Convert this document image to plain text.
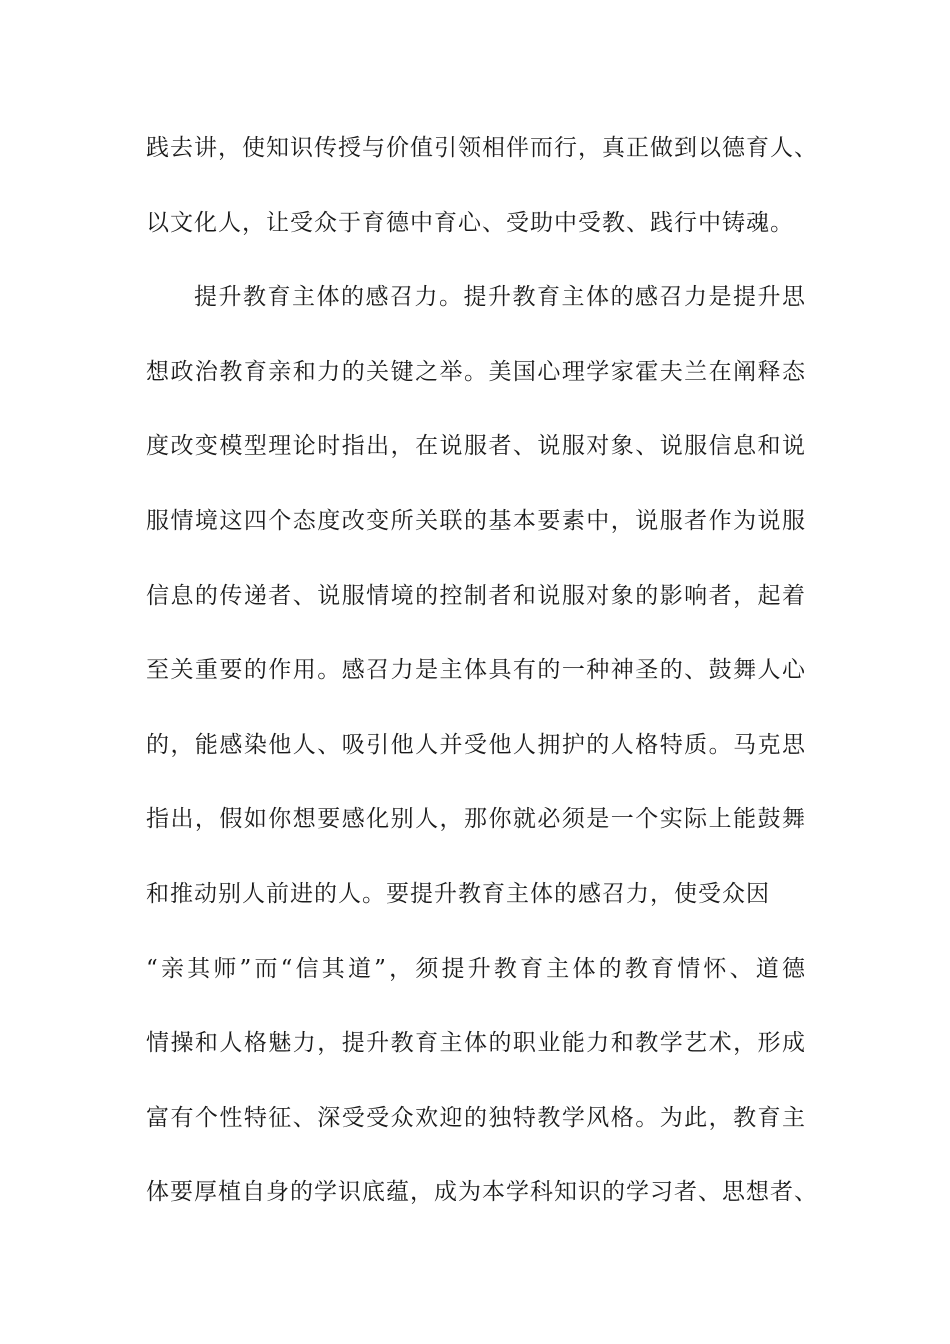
践去讲，使知识传授与价值引领相伴而行，真正做到以德育人、
以文化人，让受众于育德中育心、受助中受教、践行中铸魂。
提升教育主体的感召力。提升教育主体的感召力是提升思
想政治教育亲和力的关键之举。美国心理学家霍夫兰在阐释态
度改变模型理论时指出，在说服者、说服对象、说服信息和说
服情境这四个态度改变所关联的基本要素中，说服者作为说服
信息的传递者、说服情境的控制者和说服对象的影响者，起着
至关重要的作用。感召力是主体具有的一种神圣的、鼓舞人心
的，能感染他人、吸引他人并受他人拥护的人格特质。马克思
指出，假如你想要感化别人，那你就必须是一个实际上能鼓舞
和推动别人前进的人。要提升教育主体的感召力，使受众因
“亲其师”而“信其道”，须提升教育主体的教育情怀、道德
情操和人格魅力，提升教育主体的职业能力和教学艺术，形成
富有个性特征、深受受众欢迎的独特教学风格。为此，教育主
体要厚植自身的学识底蕴，成为本学科知识的学习者、思想者、
